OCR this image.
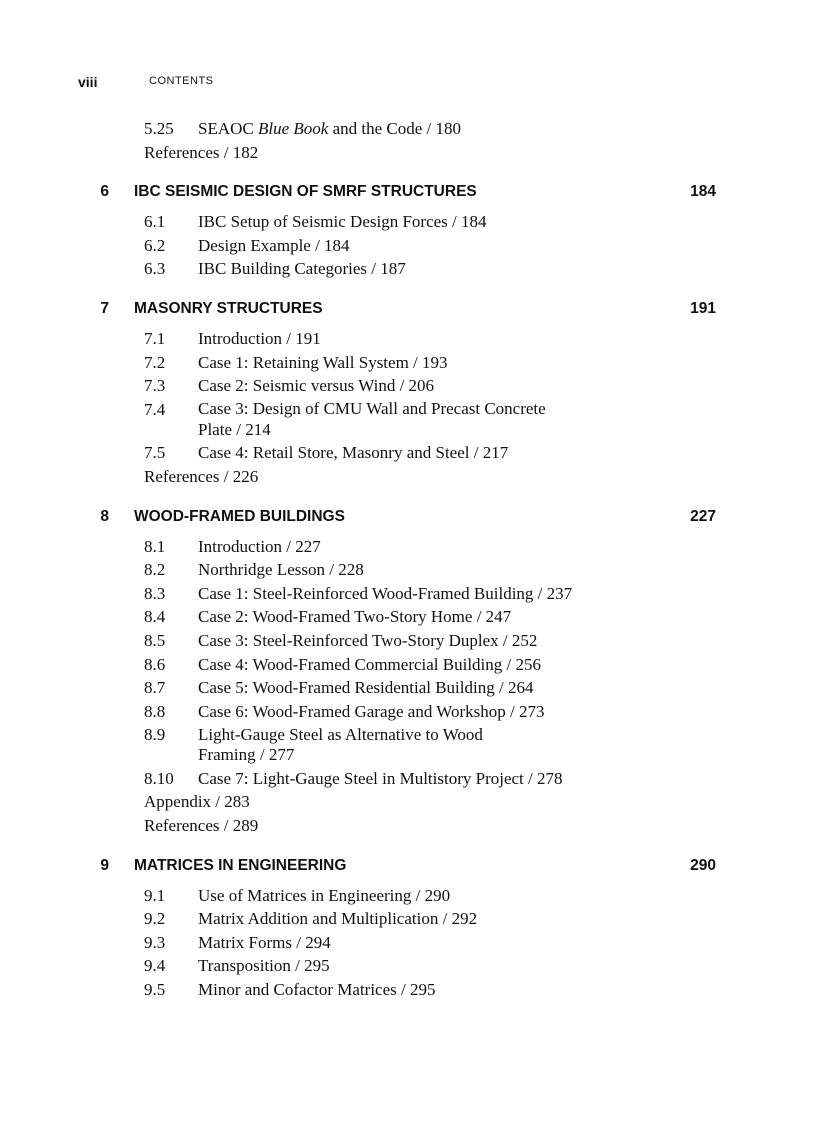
viii	CONTENTS
5.25 SEAOC Blue Book and the Code / 180
References / 182
6 IBC SEISMIC DESIGN OF SMRF STRUCTURES	184
6.1 IBC Setup of Seismic Design Forces / 184
6.2 Design Example / 184
6.3 IBC Building Categories / 187
7 MASONRY STRUCTURES	191
7.1 Introduction / 191
7.2 Case 1: Retaining Wall System / 193
7.3 Case 2: Seismic versus Wind / 206
7.4 Case 3: Design of CMU Wall and Precast Concrete
Plate / 214
7.5 Case 4: Retail Store, Masonry and Steel / 217
References / 226
8 WOOD-FRAMED BUILDINGS	227
8.1 Introduction / 227
8.2 Northridge Lesson / 228
8.3 Case 1: Steel-Reinforced Wood-Framed Building / 237
8.4 Case 2: Wood-Framed Two-Story Home / 247
8.5 Case 3: Steel-Reinforced Two-Story Duplex / 252
8.6 Case 4: Wood-Framed Commercial Building / 256
8.7 Case 5: Wood-Framed Residential Building / 264
8.8 Case 6: Wood-Framed Garage and Workshop / 273
8.9 Light-Gauge Steel as Alternative to Wood
Framing / 277
8.10 Case 7: Light-Gauge Steel in Multistory Project / 278
Appendix / 283
References / 289
9 MATRICES IN ENGINEERING	290
9.1 Use of Matrices in Engineering / 290
9.2 Matrix Addition and Multiplication / 292
9.3 Matrix Forms / 294
9.4 Transposition / 295
9.5 Minor and Cofactor Matrices / 295
